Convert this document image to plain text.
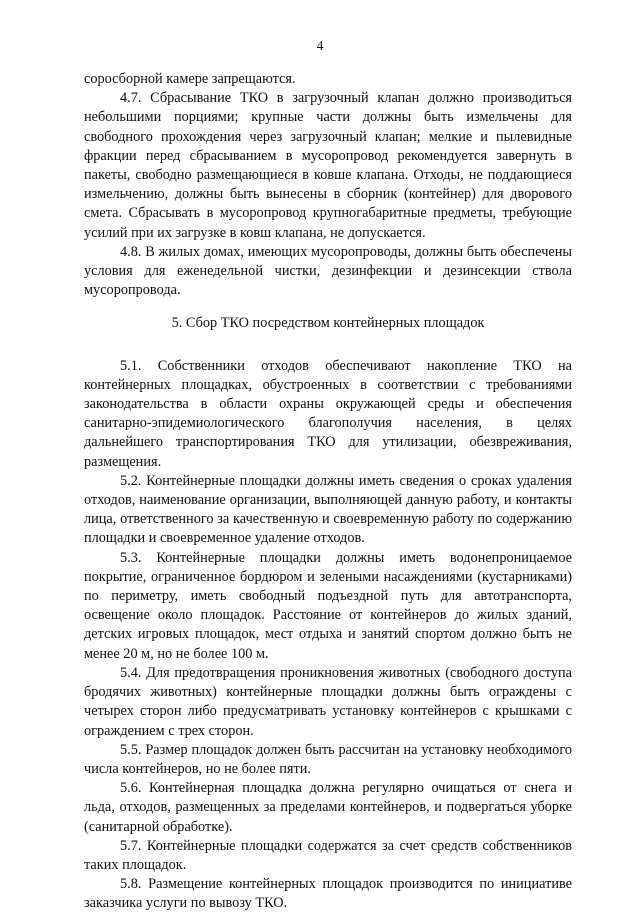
4

соросборной камере запрещаются.

4.7. Сбрасывание ТКО в загрузочный клапан должно производиться небольшими порциями; крупные части должны быть измельчены для свободного прохождения через загрузочный клапан; мелкие и пылевидные фракции перед сбрасыванием в мусоропровод рекомендуется завернуть в пакеты, свободно размещающиеся в ковше клапана. Отходы, не поддающиеся измельчению, должны быть вынесены в сборник (контейнер) для дворового смета. Сбрасывать в мусоропровод крупногабаритные предметы, требующие усилий при их загрузке в ковш клапана, не допускается.

4.8. В жилых домах, имеющих мусоропроводы, должны быть обеспечены условия для еженедельной чистки, дезинфекции и дезинсекции ствола мусоропровода.

5. Сбор ТКО посредством контейнерных площадок

5.1. Собственники отходов обеспечивают накопление ТКО на контейнерных площадках, обустроенных в соответствии с требованиями законодательства в области охраны окружающей среды и обеспечения санитарно-эпидемиологического благополучия населения, в целях дальнейшего транспортирования ТКО для утилизации, обезвреживания, размещения.

5.2. Контейнерные площадки должны иметь сведения о сроках удаления отходов, наименование организации, выполняющей данную работу, и контакты лица, ответственного за качественную и своевременную работу по содержанию площадки и своевременное удаление отходов.

5.3. Контейнерные площадки должны иметь водонепроницаемое покрытие, ограниченное бордюром и зелеными насаждениями (кустарниками) по периметру, иметь свободный подъездной путь для автотранспорта, освещение около площадок. Расстояние от контейнеров до жилых зданий, детских игровых площадок, мест отдыха и занятий спортом должно быть не менее 20 м, но не более 100 м.

5.4. Для предотвращения проникновения животных (свободного доступа бродячих животных) контейнерные площадки должны быть ограждены с четырех сторон либо предусматривать установку контейнеров с крышками с ограждением с трех сторон.

5.5. Размер площадок должен быть рассчитан на установку необходимого числа контейнеров, но не более пяти.

5.6. Контейнерная площадка должна регулярно очищаться от снега и льда, отходов, размещенных за пределами контейнеров, и подвергаться уборке (санитарной обработке).

5.7. Контейнерные площадки содержатся за счет средств собственников таких площадок.

5.8. Размещение контейнерных площадок производится по инициативе заказчика услуги по вывозу ТКО.
